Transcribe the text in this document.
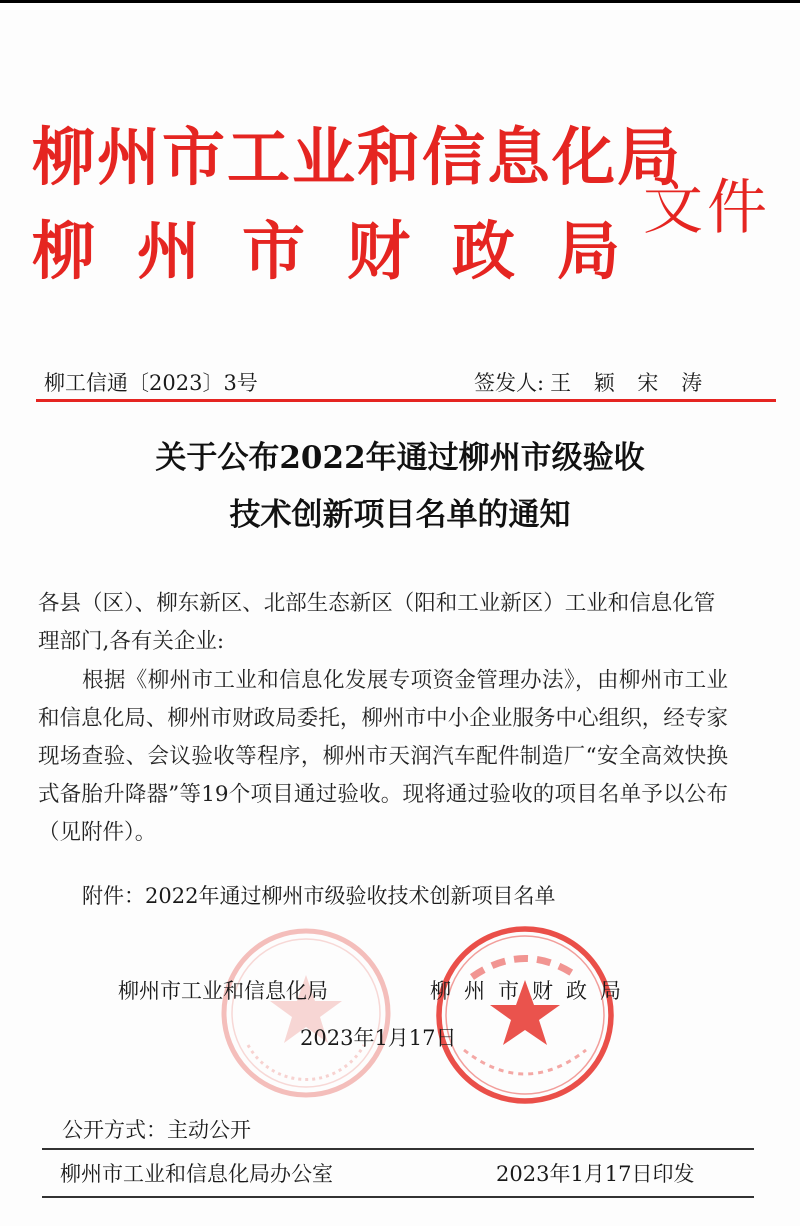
柳州市工业和信息化局
柳州市财政局
文件
柳工信通〔2023〕3号	签发人: 王 颖 宋 涛
关于公布2022年通过柳州市级验收
技术创新项目名单的通知
各县（区）、柳东新区、北部生态新区（阳和工业新区）工业和信息化管理部门,各有关企业:
根据《柳州市工业和信息化发展专项资金管理办法》，由柳州市工业和信息化局、柳州市财政局委托，柳州市中小企业服务中心组织，经专家现场查验、会议验收等程序，柳州市天润汽车配件制造厂“安全高效快换式备胎升降器”等19个项目通过验收。现将通过验收的项目名单予以公布（见附件）。
附件：2022年通过柳州市级验收技术创新项目名单
柳州市工业和信息化局	柳州市财政局
2023年1月17日
公开方式：主动公开
柳州市工业和信息化局办公室	2023年1月17日印发
